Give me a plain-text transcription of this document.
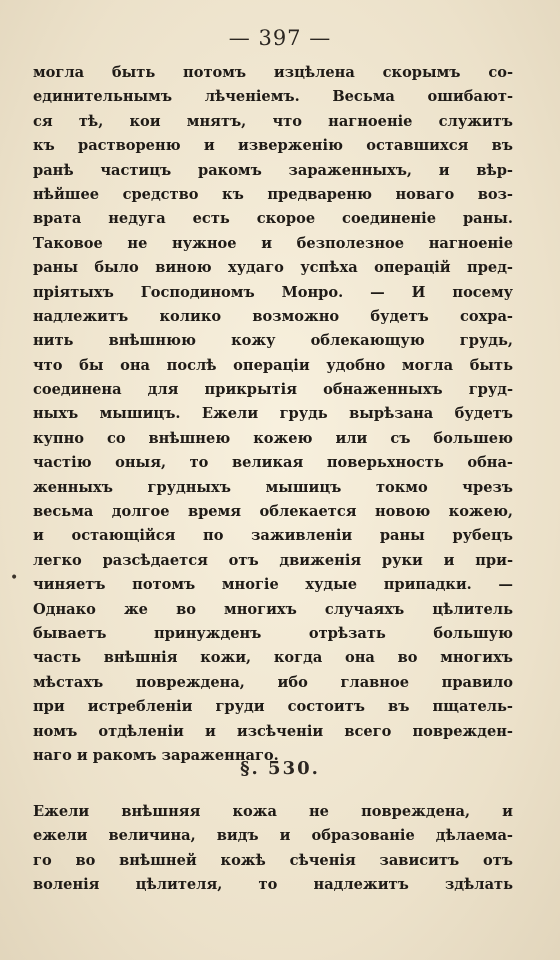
— 397 —
могла быть потомъ изцѣлена скорымъ со-
единительнымъ лѣченіемъ. Весьма ошибают-
ся тѣ, кои мнятъ, что нагноеніе служитъ
къ раствореню и изверженію оставшихся въ
ранѣ частицъ ракомъ зараженныхъ, и вѣр-
нѣйшее средство къ предвареню новаго воз-
врата недуга есть скорое соединеніе раны.
Таковое не нужное и безполезное нагноеніе
раны было виною худаго успѣха операцій пред-
пріятыхъ Господиномъ Монро. — И посему
надлежитъ колико возможно будетъ сохра-
нить внѣшнюю кожу облекающую грудь,
что бы она послѣ операціи удобно могла быть
соединена для прикрытія обнаженныхъ груд-
ныхъ мышицъ. Ежели грудь вырѣзана будетъ
купно со внѣшнею кожею или съ большею
частію оныя, то великая поверьхность обна-
женныхъ грудныхъ мышицъ токмо чрезъ
весьма долгое время облекается новою кожею,
и остающійся по заживленіи раны рубецъ
легко разсѣдается отъ движенія руки и при-
чиняетъ потомъ многіе худые припадки. —
Однако же во многихъ случаяхъ цѣлитель
бываетъ принужденъ отрѣзать большую
часть внѣшнія кожи, когда она во многихъ
мѣстахъ повреждена, ибо главное правило
при истребленіи груди состоитъ въ пщатель-
номъ отдѣленіи и изсѣченіи всего поврежден-
наго и ракомъ зараженнаго.
§. 530.
Ежели внѣшняя кожа не повреждена, и
ежели величина, видъ и образованіе дѣлаема-
го во внѣшней кожѣ сѣченія зависитъ отъ
воленія цѣлителя, то надлежитъ здѣлать
•
